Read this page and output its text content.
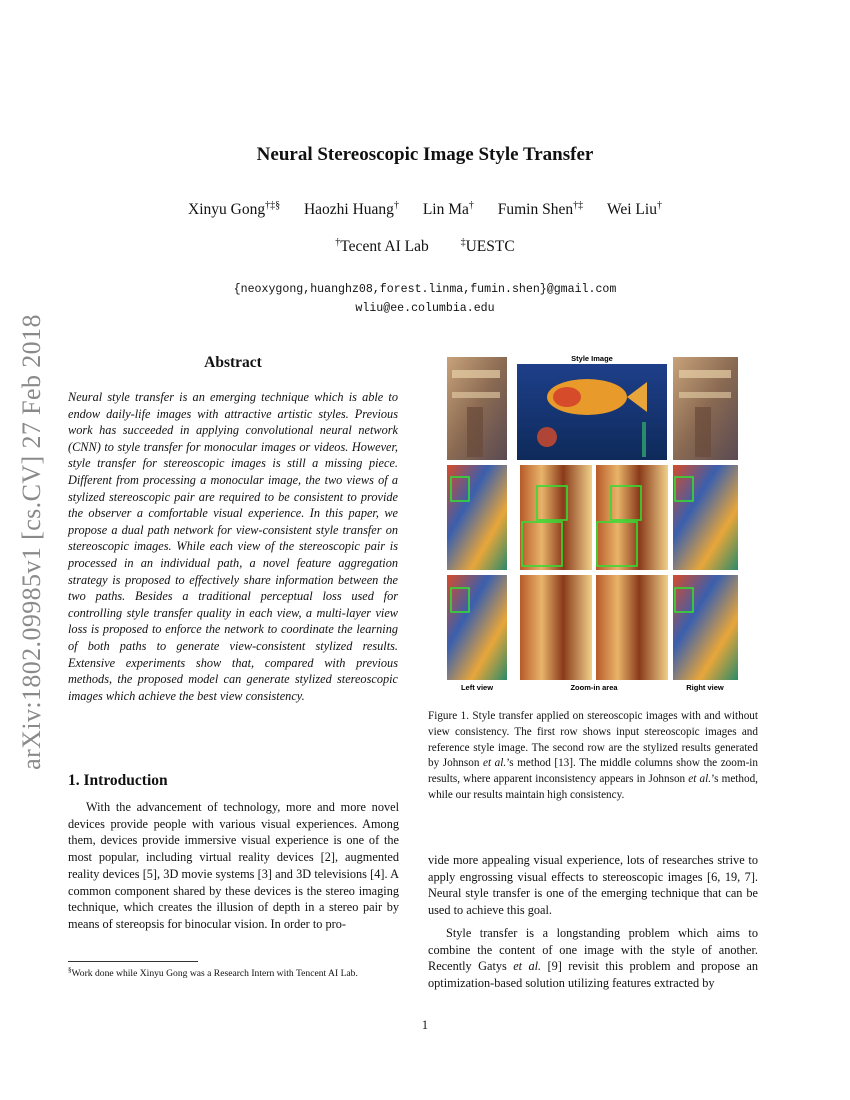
arXiv:1802.09985v1 [cs.CV] 27 Feb 2018
Neural Stereoscopic Image Style Transfer
Xinyu Gong†‡§ Haozhi Huang† Lin Ma† Fumin Shen†‡ Wei Liu†
†Tecent AI Lab	‡UESTC
{neoxygong,huanghz08,forest.linma,fumin.shen}@gmail.com
wliu@ee.columbia.edu
Abstract
Neural style transfer is an emerging technique which is able to endow daily-life images with attractive artistic styles. Previous work has succeeded in applying convolutional neural network (CNN) to style transfer for monocular images or videos. However, style transfer for stereoscopic images is still a missing piece. Different from processing a monocular image, the two views of a stylized stereoscopic pair are required to be consistent to provide the observer a comfortable visual experience. In this paper, we propose a dual path network for view-consistent style transfer on stereoscopic images. While each view of the stereoscopic pair is processed in an individual path, a novel feature aggregation strategy is proposed to effectively share information between the two paths. Besides a traditional perceptual loss used for controlling style transfer quality in each view, a multi-layer view loss is proposed to enforce the network to coordinate the learning of both paths to generate view-consistent stylized results. Extensive experiments show that, compared with previous methods, the proposed model can generate stylized stereoscopic images which achieve the best view consistency.
1. Introduction
With the advancement of technology, more and more novel devices provide people with various visual experiences. Among them, devices provide immersive visual experience is one of the most popular, including virtual reality devices [2], augmented reality devices [5], 3D movie systems [3] and 3D televisions [4]. A common component shared by these devices is the stereo imaging technique, which creates the illusion of depth in a stereo pair by means of stereopsis for binocular vision. In order to pro-
§Work done while Xinyu Gong was a Research Intern with Tencent AI Lab.
Style Image
Left view	Zoom-in area	Right view
Figure 1. Style transfer applied on stereoscopic images with and without view consistency. The first row shows input stereoscopic images and reference style image. The second row are the stylized results generated by Johnson et al.’s method [13]. The middle columns show the zoom-in results, where apparent inconsistency appears in Johnson et al.’s method, while our results maintain high consistency.

vide more appealing visual experience, lots of researches strive to apply engrossing visual effects to stereoscopic images [6, 19, 7]. Neural style transfer is one of the emerging technique that can be used to achieve this goal.

Style transfer is a longstanding problem which aims to combine the content of one image with the style of another. Recently Gatys et al. [9] revisit this problem and propose an optimization-based solution utilizing features extracted by

1
